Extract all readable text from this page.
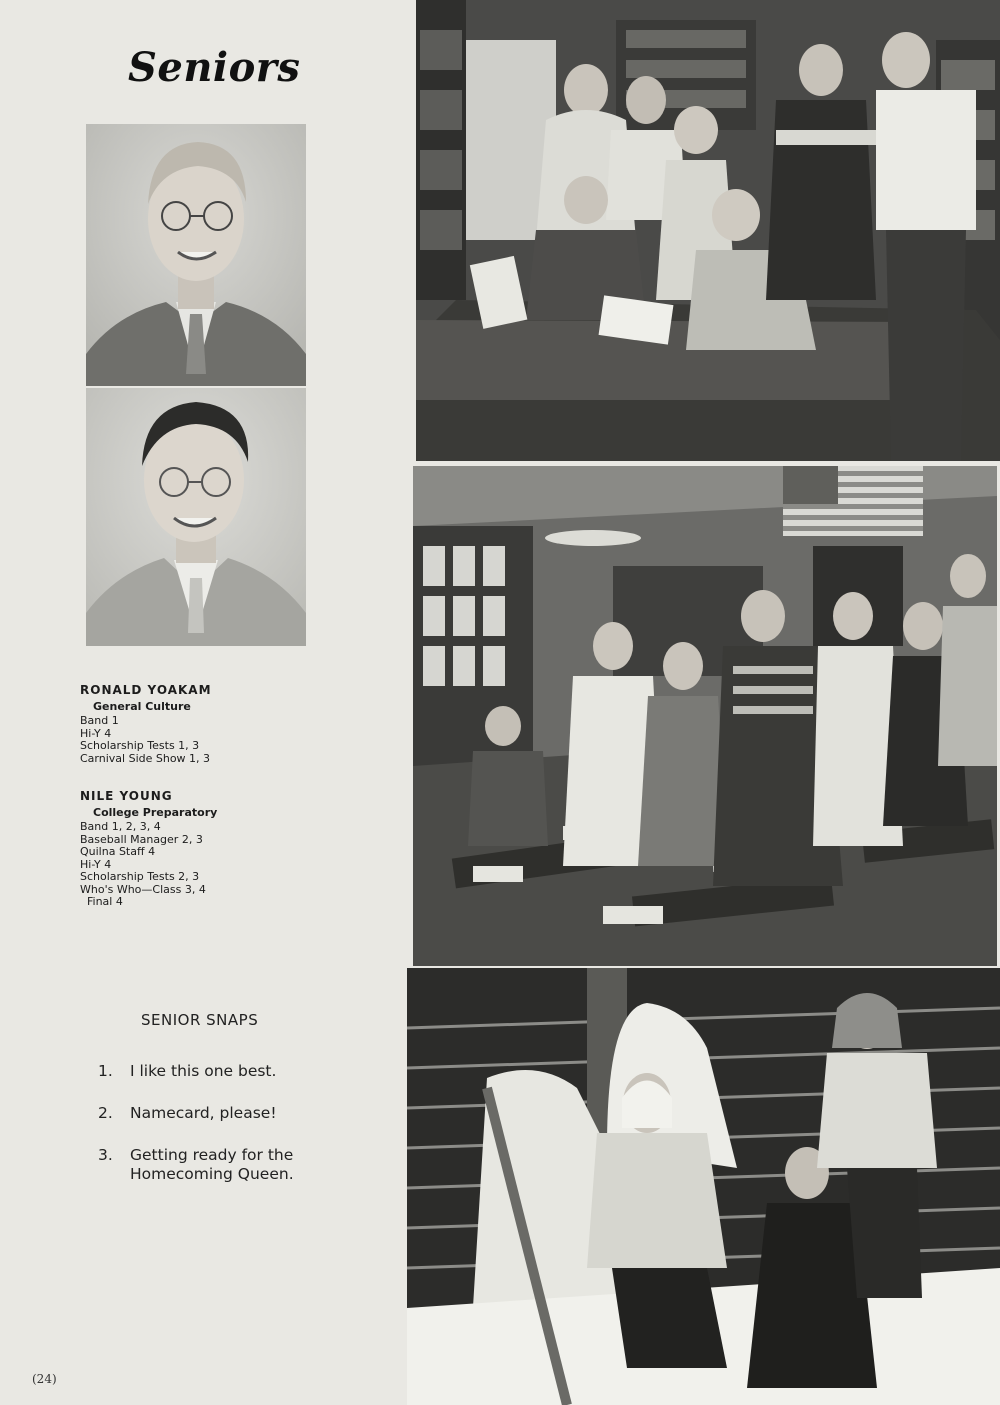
Seniors
RONALD YOAKAM
General Culture
Band 1
Hi-Y 4
Scholarship Tests 1, 3
Carnival Side Show 1, 3
NILE YOUNG
College Preparatory
Band 1, 2, 3, 4
Baseball Manager 2, 3
Quilna Staff 4
Hi-Y 4
Scholarship Tests 2, 3
Who's Who—Class 3, 4
Final 4
SENIOR SNAPS
1.	I like this one best.
2.	Namecard, please!
3.	Getting ready for the Homecoming Queen.
(24)
